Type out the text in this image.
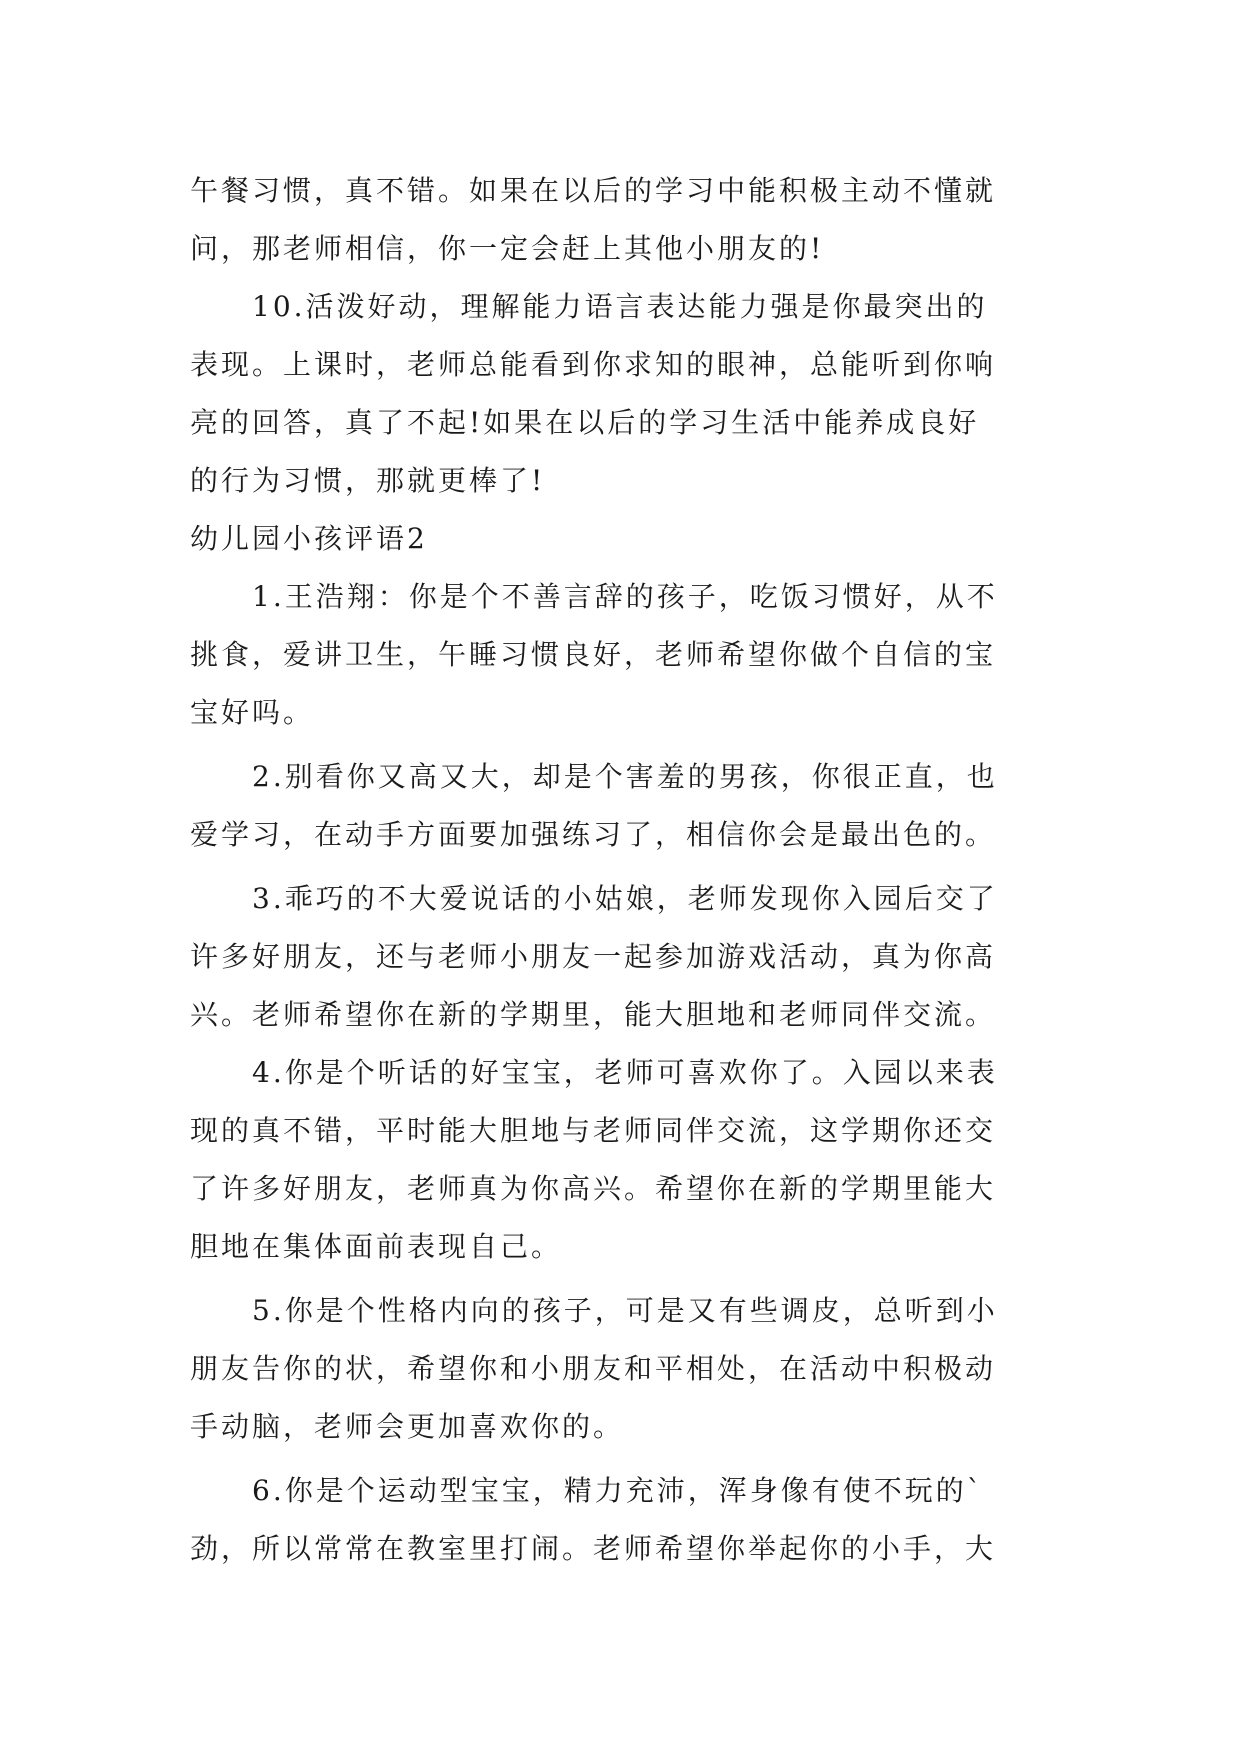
午餐习惯，真不错。如果在以后的学习中能积极主动不懂就
问，那老师相信，你一定会赶上其他小朋友的!
10.活泼好动，理解能力语言表达能力强是你最突出的
表现。上课时，老师总能看到你求知的眼神，总能听到你响
亮的回答，真了不起!如果在以后的学习生活中能养成良好
的行为习惯，那就更棒了!
幼儿园小孩评语2
1.王浩翔：你是个不善言辞的孩子，吃饭习惯好，从不
挑食，爱讲卫生，午睡习惯良好，老师希望你做个自信的宝
宝好吗。
2.别看你又高又大，却是个害羞的男孩，你很正直，也
爱学习，在动手方面要加强练习了，相信你会是最出色的。
3.乖巧的不大爱说话的小姑娘，老师发现你入园后交了
许多好朋友，还与老师小朋友一起参加游戏活动，真为你高
兴。老师希望你在新的学期里，能大胆地和老师同伴交流。
4.你是个听话的好宝宝，老师可喜欢你了。入园以来表
现的真不错，平时能大胆地与老师同伴交流，这学期你还交
了许多好朋友，老师真为你高兴。希望你在新的学期里能大
胆地在集体面前表现自己。
5.你是个性格内向的孩子，可是又有些调皮，总听到小
朋友告你的状，希望你和小朋友和平相处，在活动中积极动
手动脑，老师会更加喜欢你的。
6.你是个运动型宝宝，精力充沛，浑身像有使不玩的`
劲，所以常常在教室里打闹。老师希望你举起你的小手，大
